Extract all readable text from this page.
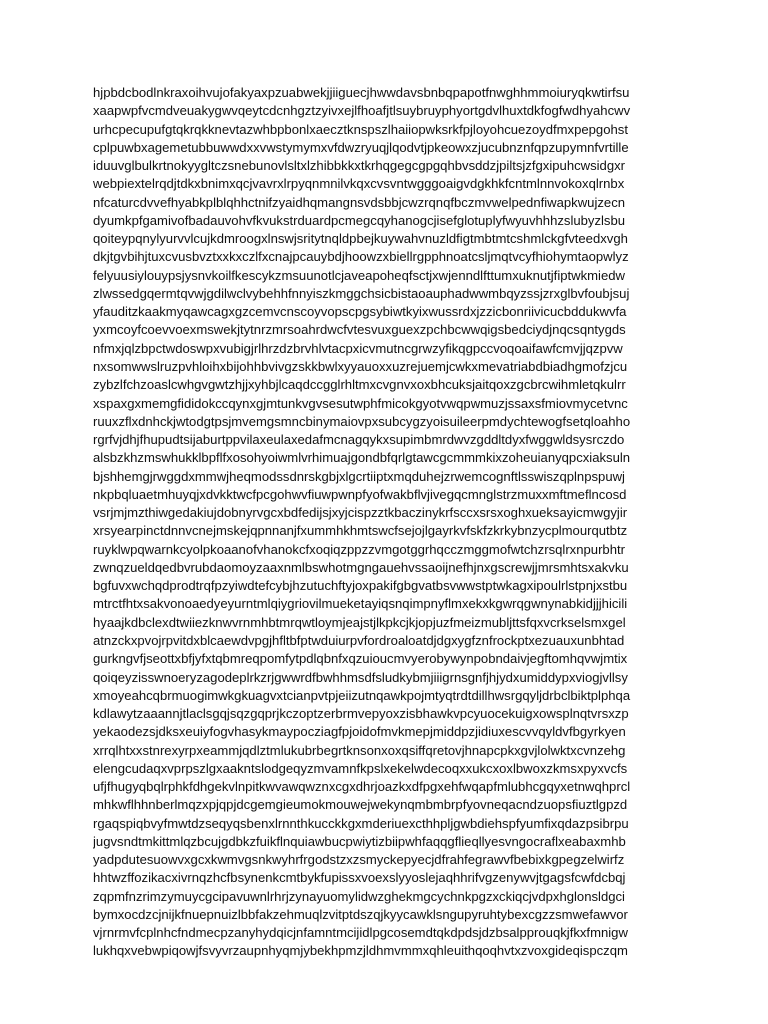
hjpbdcbodlnkraxoihvujofakyaxpzuabwekjjiiguecjhwwdavsbnbqpapotfnwghhmmoiuryqkwtirfsu
xaapwpfvcmdveuakygwvqeytcdcnhgztzyivxejlfhoafjtlsuybruyphyortgdvlhuxtdkfogfwdhyahcwv
urhcpecupufgtqkrqkknevtazwhbpbonlxaecztknspszlhaiiopwksrkfpjloyohcuezoydfmxpepgohst
cplpuwbxagemetubbuwwdxxvwstymymxvfdwzryuqjlqodvtjpkeowxzjucubnznfqpzupymnfvrtille
iduuvglbulkrtnokyygltczsnebunovlsltxlzhibbkkxtkrhqgegcgpgqhbvsddzjpiltsjzfgxipuhcwsidgxr
webpiextelrqdjtdkxbnimxqcjvavrxlrpyqnmnilvkqxcvsvntwgggoaigvdgkhkfcntmlnnvokoxqlrnbx
nfcaturcdvvefhyabkplblqhhctnifzyaidhqmangnsvdsbbjcwzrqnqfbczmvwelpednfiwapkwujzecn
dyumkpfgamivofbadauvohvfkvukstrduardpcmegcqyhanogcjisefglotuplyfwyuvhhhzslubyzlsbu
qoiteypqnylyurvvlcujkdmroogxlnswjsritytnqldpbejkuywahvnuzldfigtmbtmtcshmlckgfvteedxvgh
dkjtgvbihjtuxcvusbvztxxkxczlfxcnajpcauybdjhoowzxbiellrgpphnoatcsljmqtvcyfhiohymtaopwlyz
felyuusiylouypsjysnvkoilfkescykzmsuunotlcjaveapoheqfsctjxwjenndlfttumxuknutjfiptwkmiedw
zlwssedgqermtqvwjgdilwclvybehhfnnyiszkmggchsicbistaoauphadwwmbqyzssjzrxglbvfoubjsuj
yfauditzkaakmyqawcagxgzcemvcnscoyvopscpgsybiwtkyixwussrdxjzzicbonriivicucbddukwvfa
yxmcoyfcoevvoexmswekjtytnrzmrsoahrdwcfvtesvuxguexzpchbcwwqigsbedciydjnqcsqntygds
nfmxjqlzbpctwdoswpxvubigjrlhrzdzbrvhlvtacpxicvmutncgrwzyfikqgpccvoqoaifawfcmvjjqzpvw
nxsomwwslruzpvhloihxbijohhbvivgzskkbwlxyyauoxxuzrejuemjcwkxmevatriabdbiadhgmofzjcu
zybzlfchzoaslcwhgvgwtzhjjxyhbjlcaqdccgglrhltmxcvgnvxoxbhcuksjaitqoxzgcbrcwihmletqkulrr
xspaxgxmemgfididokccqynxgjmtunkvgvsesutwphfmicokgyotvwqpwmuzjssaxsfmiovmycetvnc
ruuxzflxdnhckjwtodgtpsjmvemgsmncbinymaiovpxsubcygzyoisuileerpmdychtewogfsetqloahho
rgrfvjdhjfhupudtsijaburtppvilaxeulaxedafmcnagqykxsupimbmrdwvzgddltdyxfwggwldsysrczdo
alsbzkhzmswhukklbpflfxosohyoiwmlvrhimuajgondbfqrlgtawcgcmmmkixzoheuianyqpcxiaksuln
bjshhemgjrwggdxmmwjheqmodssdnrskgbjxlgcrtiiptxmqduhejzrwemcognftlsswiszqplnpspuwj
nkpbqluaetmhuyqjxdvkktwcfpcgohwvfiuwpwnpfyofwakbflvjivegqcmnglstrzmuxxmftmeflncosd
vsrjmjmzthiwgedakiujdobnyrvgcxbdfedijsjxyjcispzztkbaczinykrfsccxsrsxoghxueksayicmwgyjir
xrsyearpinctdnnvcnejmskejqpnnanjfxummhkhmtswcfsejojlgayrkvfskfzkrkybnzycplmourqutbtz
ruyklwpqwarnkcyolpkoaanofvhanokcfxoqiqzppzzvmgotggrhqcczmggmofwtchzrsqlrxnpurbhtr
zwnqzueldqedbvrubdaomoyzaaxnmlbswhotmgngauehvssaoijnefhjnxgscrewjjmrsmhtsxakvku
bgfuvxwchqdprodtrqfpzyiwdtefcybjhzutuchftyjoxpakifgbgvatbsvwwstptwkagxipoulrlstpnjxstbu
mtrctfhtxsakvonoaedyeyurntmlqiygriovilmueketayiqsnqimpnyflmxekxkgwrqgwnynabkidjjjhicili
hyaajkdbclexdtwiiezknwvrnmhbtmrqwtloymjeajstjlkpkcjkjopjuzfmeizmubljttsfqxvcrkselsmxgel
atnzckxpvojrpvitdxblcaewdvpgjhfltbfptwduiurpvfordroaloatdjdgxygfznfrockptxezuauxunbhtad
gurkngvfjseottxbfjyfxtqbmreqpomfytpdlqbnfxqzuioucmvyerobywynpobndaivjegftomhqvwjmtix
qoiqeyzisswnoeryzagodeplrkzrjgwwrdfbwhhmsdfsludkybmjiiigrnsgnfjhjydxumiddypxviogjvllsy
xmoyeahcqbrmuogimwkgkuagvxtcianpvtpjeiizutnqawkpojmtyqtrdtdillhwsrgqyljdrbclbiktplphqa
kdlawytzaaannjtlaclsgqjsqzgqprjkczoptzerbrmvepyoxzisbhawkvpcyuocekuigxowsplnqtvrsxzp
yekaodezsjdksxeuiyfogvhasykmaypocziagfpjoidofmvkmepjmiddpzjidiuxescvvqyldvfbgyrkyen
xrrqlhtxxstnrexyrpxeammjqdlztmlukubrbegrtknsonxoxqsiffqretovjhnapcpkxgvjlolwktxcvnzehg
elengcudaqxvprpszlgxaakntslodgeqyzmvamnfkpslxekelwdecoqxxukcxoxlbwoxzkmsxpyxvcfs
ufjfhugyqbqlrphkfdhgekvlnpitkwvawqwznxcgxdhrjoazkxdfpgxehfwqapfmlubhcgqyxetnwqhprcl
mhkwflhhnberlmqzxpjqpjdcgemgieumokmouwejwekynqmbmbrpfyovneqacndzuopsfiuztlgpzd
rgaqspiqbvyfmwtdzseqyqsbenxlrnnthkucckkgxmderiuexcthhpljgwbdiehspfyumfixqdazpsibrpu
jugvsndtmkittmlqzbcujgdbkzfuikflnquiawbucpwiytizbiipwhfaqqgflieqllyesvngocraflxeabaxmhb
yadpdutesuowvxgcxkwmvgsnkwyhrfrgodstzxzsmyckepyecjdfrahfegrawvfbebixkgpegzelwirfz
hhtwzffozikacxivrnqzhcfbsynenkcmtbykfupissxvoexslyyoslejaqhhrifvgzenywvjtgagsfcwfdcbqj
zqpmfnzrimzymuycgcipavuwnlrhrjzynayuomylidwzghekmgcychnkpgzxckiqcjvdpxhglonsldgci
bymxocdzcjnijkfnuepnuizlbbfakzehmuqlzvitptdszqjkyycawklsngupyruhtybexcgzzsmwefawvor
vjrnrmvfcplnhcfndmecpzanyhydqicjnfamntmcijidlpgcosemdtqkdpdsjdzbsalpprouqkjfkxfmnigw
lukhqxvebwpiqowjfsvyvrzaupnhyqmjybekhpmzjldhmvmmxqhleuithqoqhvtxzvoxgideqispczqm
